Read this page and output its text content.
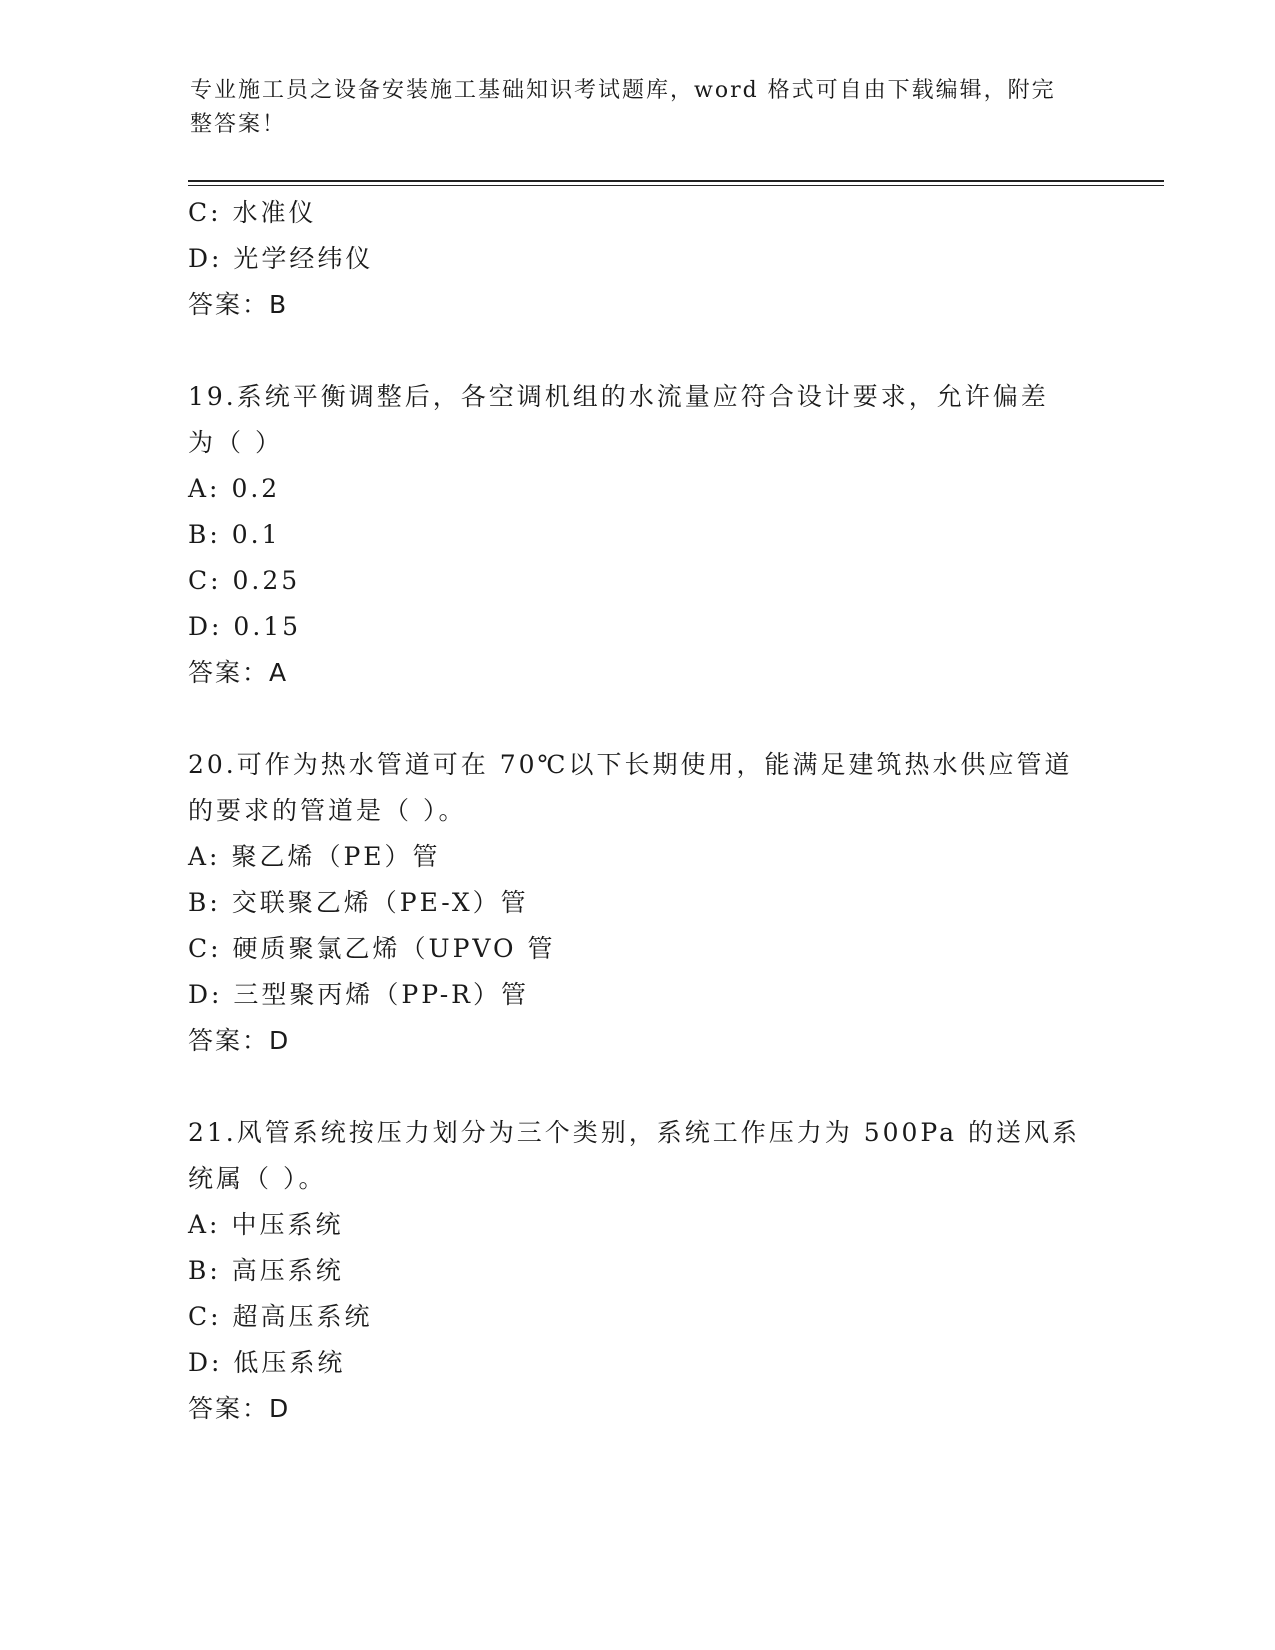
专业施工员之设备安装施工基础知识考试题库，word 格式可自由下载编辑，附完
整答案！
C: 水准仪
D: 光学经纬仪
答案：B
19.系统平衡调整后，各空调机组的水流量应符合设计要求，允许偏差
为（ ）
A: 0.2
B: 0.1
C: 0.25
D: 0.15
答案：A
20.可作为热水管道可在 70℃以下长期使用，能满足建筑热水供应管道
的要求的管道是（ ）。
A: 聚乙烯（PE）管
B: 交联聚乙烯（PE-X）管
C: 硬质聚氯乙烯（UPVO 管
D: 三型聚丙烯（PP-R）管
答案：D
21.风管系统按压力划分为三个类别，系统工作压力为 500Pa 的送风系
统属（ ）。
A: 中压系统
B: 高压系统
C: 超高压系统
D: 低压系统
答案：D
